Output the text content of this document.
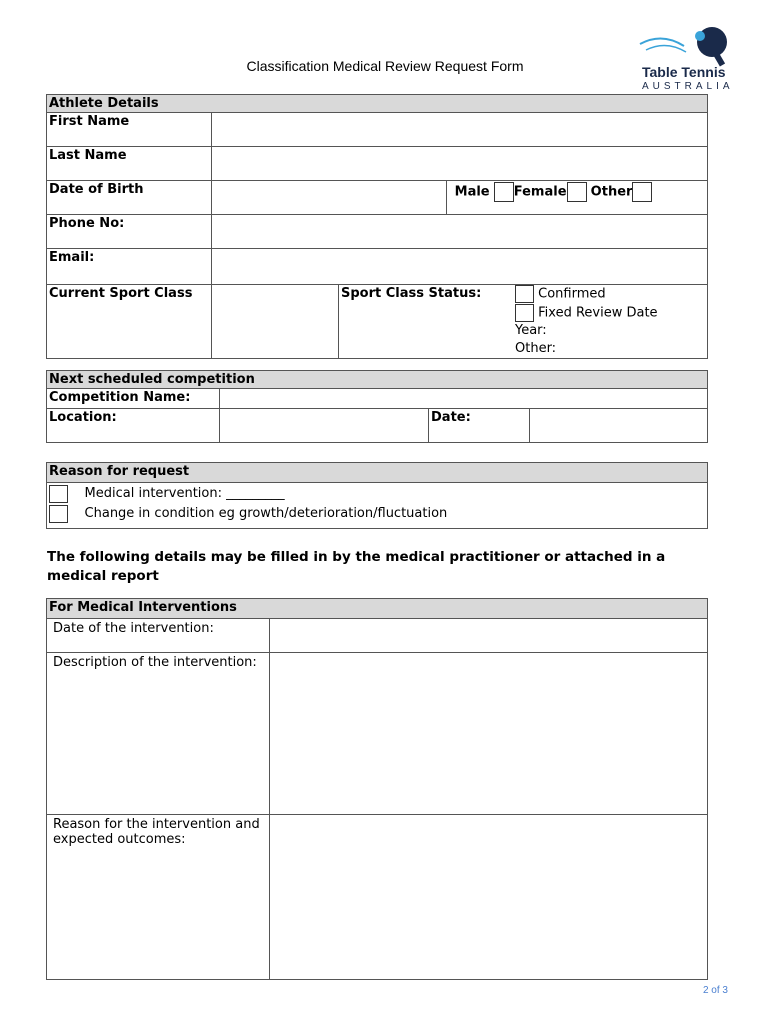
Classification Medical Review Request Form	Table Tennis
AUSTRALIA
Athlete Details			
First Name			
Last Name			
Date of Birth			Male Female Other
Phone No:			
Email:			
Current Sport Class		Sport Class Status: Confirmed
Fixed Review Date
Year:
Other:	
Next scheduled competition			
Competition Name:			
Location:		Date:	
Reason for request

Medical intervention: _________
Change in condition eg growth/deterioration/fluctuation
The following details may be filled in by the medical practitioner or attached in a medical report
For Medical Interventions	
Date of the intervention:	
Description of the intervention:	
Reason for the intervention and expected outcomes:	
2 of 3
